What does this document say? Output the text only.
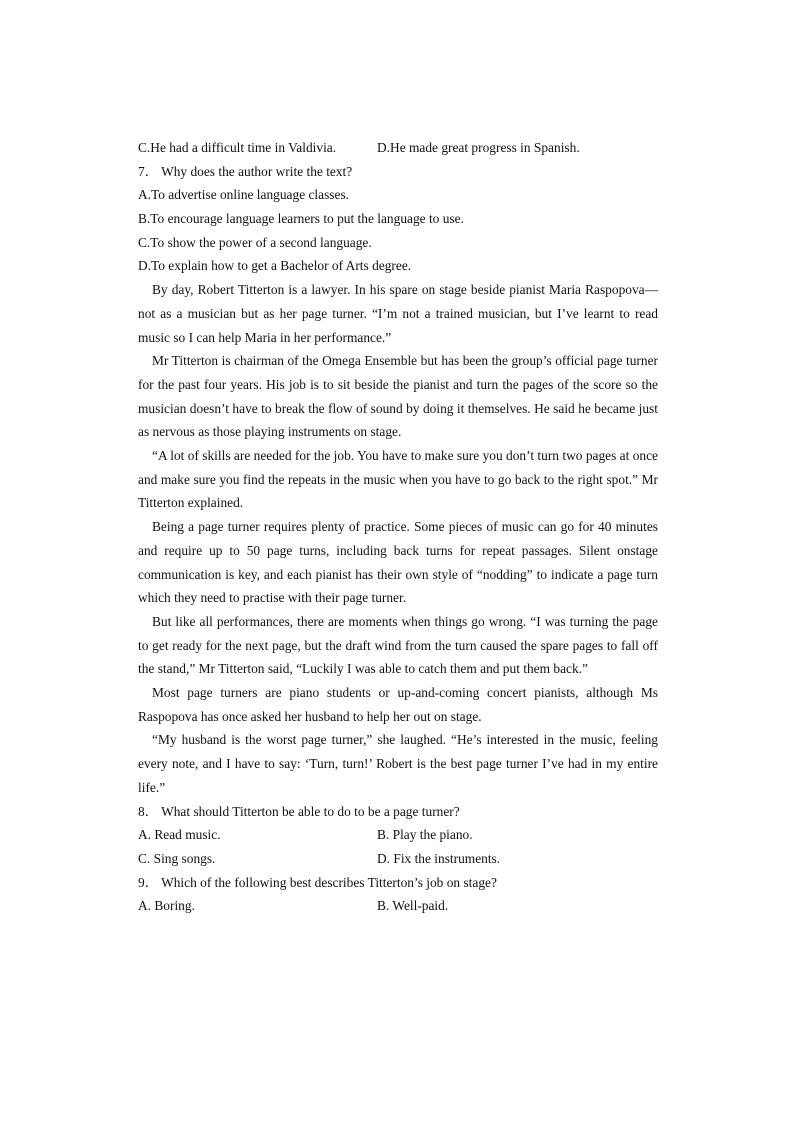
C.He had a difficult time in Valdivia.	D.He made great progress in Spanish.
7． Why does the author write the text?
A.To advertise online language classes.
B.To encourage language learners to put the language to use.
C.To show the power of a second language.
D.To explain how to get a Bachelor of Arts degree.

By day, Robert Titterton is a lawyer. In his spare on stage beside pianist Maria Raspopova—not as a musician but as her page turner. “I’m not a trained musician, but I’ve learnt to read music so I can help Maria in her performance.”

Mr Titterton is chairman of the Omega Ensemble but has been the group’s official page turner for the past four years. His job is to sit beside the pianist and turn the pages of the score so the musician doesn’t have to break the flow of sound by doing it themselves. He said he became just as nervous as those playing instruments on stage.

“A lot of skills are needed for the job. You have to make sure you don’t turn two pages at once and make sure you find the repeats in the music when you have to go back to the right spot.” Mr Titterton explained.

Being a page turner requires plenty of practice. Some pieces of music can go for 40 minutes and require up to 50 page turns, including back turns for repeat passages. Silent onstage communication is key, and each pianist has their own style of “nodding” to indicate a page turn which they need to practise with their page turner.

But like all performances, there are moments when things go wrong. “I was turning the page to get ready for the next page, but the draft wind from the turn caused the spare pages to fall off the stand,” Mr Titterton said, “Luckily I was able to catch them and put them back.”

Most page turners are piano students or up-and-coming concert pianists, although Ms Raspopova has once asked her husband to help her out on stage.

“My husband is the worst page turner,” she laughed. “He’s interested in the music, feeling every note, and I have to say: ‘Turn, turn!’ Robert is the best page turner I’ve had in my entire life.”

8． What should Titterton be able to do to be a page turner?
A. Read music.	B. Play the piano.
C. Sing songs.	D. Fix the instruments.
9． Which of the following best describes Titterton’s job on stage?
A. Boring.	B. Well-paid.
